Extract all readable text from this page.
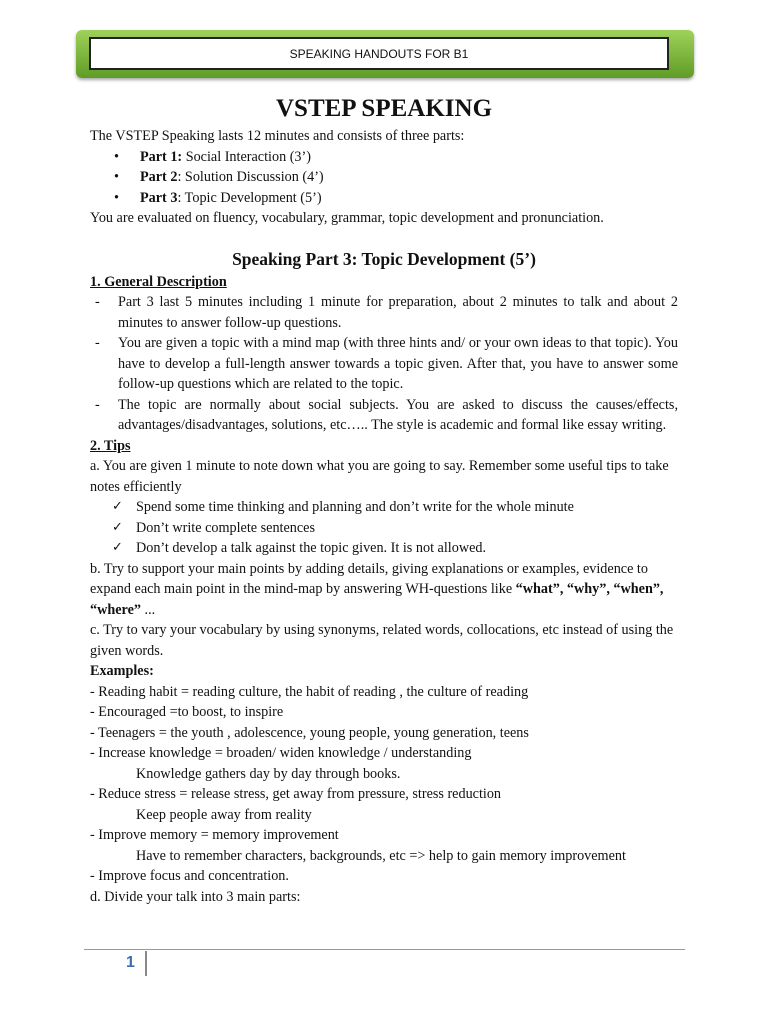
SPEAKING HANDOUTS FOR B1
VSTEP SPEAKING

The VSTEP Speaking lasts 12 minutes and consists of three parts:

• Part 1: Social Interaction (3’)
• Part 2: Solution Discussion (4’)
• Part 3: Topic Development (5’)

You are evaluated on fluency, vocabulary, grammar, topic development and pronunciation.

Speaking Part 3: Topic Development (5’)
1. General Description
- Part 3 last 5 minutes including 1 minute for preparation, about 2 minutes to talk and about 2 minutes to answer follow-up questions.
- You are given a topic with a mind map (with three hints and/ or your own ideas to that topic). You have to develop a full-length answer towards a topic given. After that, you have to answer some follow-up questions which are related to the topic.
- The topic are normally about social subjects. You are asked to discuss the causes/effects, advantages/disadvantages, solutions, etc….. The style is academic and formal like essay writing.
2. Tips

a. You are given 1 minute to note down what you are going to say. Remember some useful tips to take notes efficiently

✓ Spend some time thinking and planning and don’t write for the whole minute
✓ Don’t write complete sentences
✓ Don’t develop a talk against the topic given. It is not allowed.

b. Try to support your main points by adding details, giving explanations or examples, evidence to expand each main point in the mind-map by answering WH-questions like “what”, “why”, “when”, “where” ...

c. Try to vary your vocabulary by using synonyms, related words, collocations, etc instead of using the given words.

Examples:

- Reading habit = reading culture, the habit of reading , the culture of reading

- Encouraged =to boost, to inspire

- Teenagers = the youth , adolescence, young people, young generation, teens

- Increase knowledge = broaden/ widen knowledge / understanding

Knowledge gathers day by day through books.

- Reduce stress = release stress, get away from pressure, stress reduction

Keep people away from reality

- Improve memory = memory improvement

Have to remember characters, backgrounds, etc => help to gain memory improvement

- Improve focus and concentration.

d. Divide your talk into 3 main parts:

1
